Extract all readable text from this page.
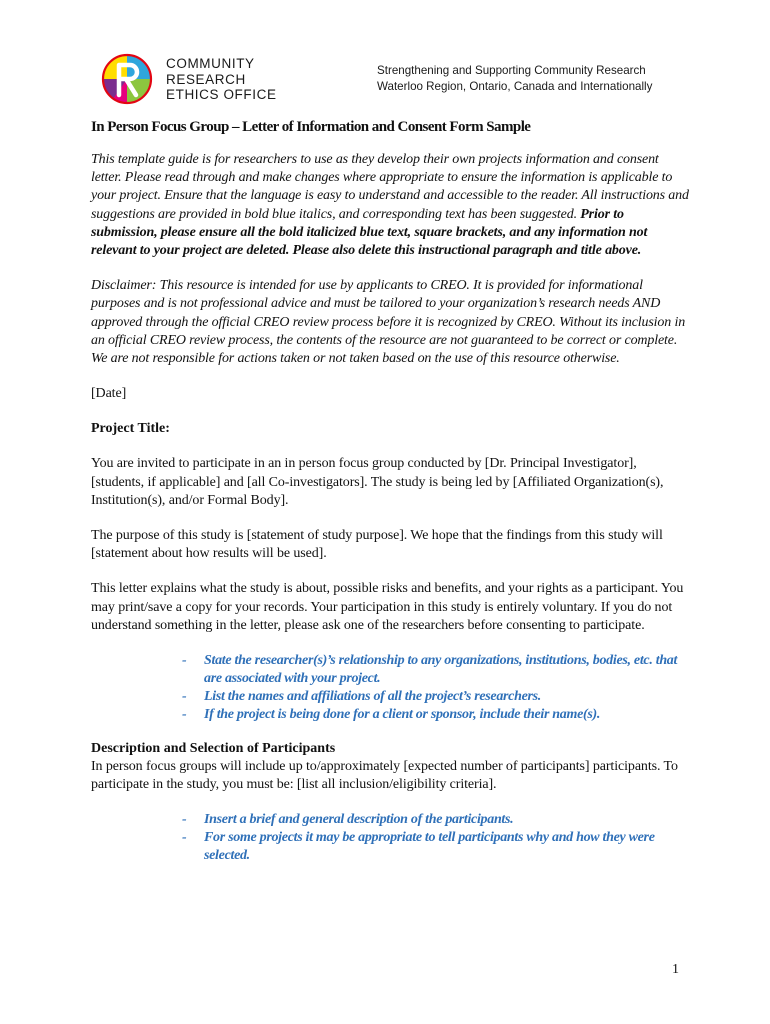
COMMUNITY
RESEARCH
ETHICS OFFICE
Strengthening and Supporting Community Research
Waterloo Region, Ontario, Canada and Internationally
In Person Focus Group – Letter of Information and Consent Form Sample

This template guide is for researchers to use as they develop their own projects information and consent letter. Please read through and make changes where appropriate to ensure the information is applicable to your project. Ensure that the language is easy to understand and accessible to the reader. All instructions and suggestions are provided in bold blue italics, and corresponding text has been suggested. Prior to submission, please ensure all the bold italicized blue text, square brackets, and any information not relevant to your project are deleted. Please also delete this instructional paragraph and title above.

Disclaimer: This resource is intended for use by applicants to CREO. It is provided for informational purposes and is not professional advice and must be tailored to your organization’s research needs AND approved through the official CREO review process before it is recognized by CREO. Without its inclusion in an official CREO review process, the contents of the resource are not guaranteed to be correct or complete. We are not responsible for actions taken or not taken based on the use of this resource otherwise.

[Date]

Project Title:

You are invited to participate in an in person focus group conducted by [Dr. Principal Investigator], [students, if applicable] and [all Co-investigators]. The study is being led by [Affiliated Organization(s), Institution(s), and/or Formal Body].

The purpose of this study is [statement of study purpose]. We hope that the findings from this study will [statement about how results will be used].

This letter explains what the study is about, possible risks and benefits, and your rights as a participant. You may print/save a copy for your records. Your participation in this study is entirely voluntary. If you do not understand something in the letter, please ask one of the researchers before consenting to participate.

- State the researcher(s)’s relationship to any organizations, institutions, bodies, etc. that are associated with your project.
- List the names and affiliations of all the project’s researchers.
- If the project is being done for a client or sponsor, include their name(s).

Description and Selection of Participants

In person focus groups will include up to/approximately [expected number of participants] participants. To participate in the study, you must be: [list all inclusion/eligibility criteria].

- Insert a brief and general description of the participants.
- For some projects it may be appropriate to tell participants why and how they were selected.
1
